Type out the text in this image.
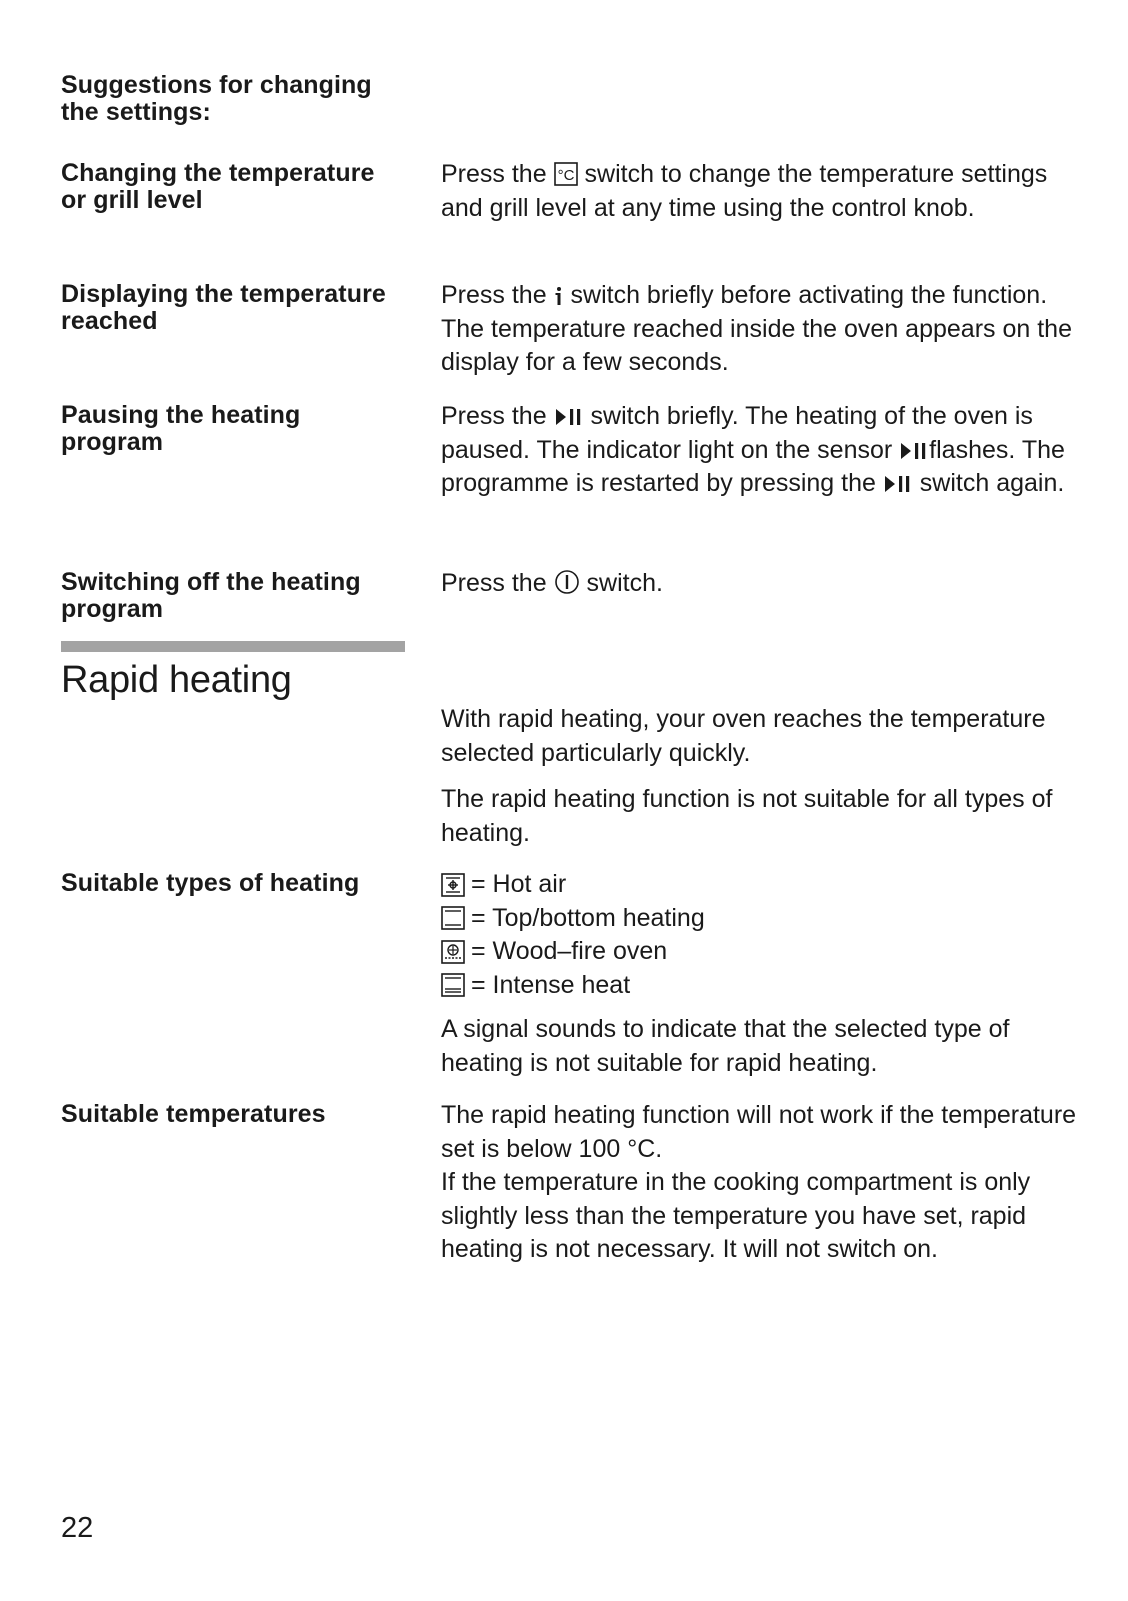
Suggestions for changing the settings:
Changing the temperature or grill level

Press the °C switch to change the temperature settings and grill level at any time using the control knob.

Displaying the temperature reached

Press the
switch briefly before activating the function. The temperature reached inside the oven appears on the display for a few seconds.

Pausing the heating program

Press the
switch briefly. The heating of the oven is paused. The indicator light on the sensor
flashes. The programme is restarted by pressing the
switch again.

Switching off the heating program

Press the
switch.

Rapid heating
With rapid heating, your oven reaches the temperature selected particularly quickly.
The rapid heating function is not suitable for all types of heating.
Suitable types of heating	= Hot air
= Top/bottom heating
= Wood–fire oven
= Intense heat
A signal sounds to indicate that the selected type of heating is not suitable for rapid heating.
Suitable temperatures	The rapid heating function will not work if the temperature set is below 100 °C.

If the temperature in the cooking compartment is only slightly less than the temperature you have set, rapid heating is not necessary. It will not switch on.

22
